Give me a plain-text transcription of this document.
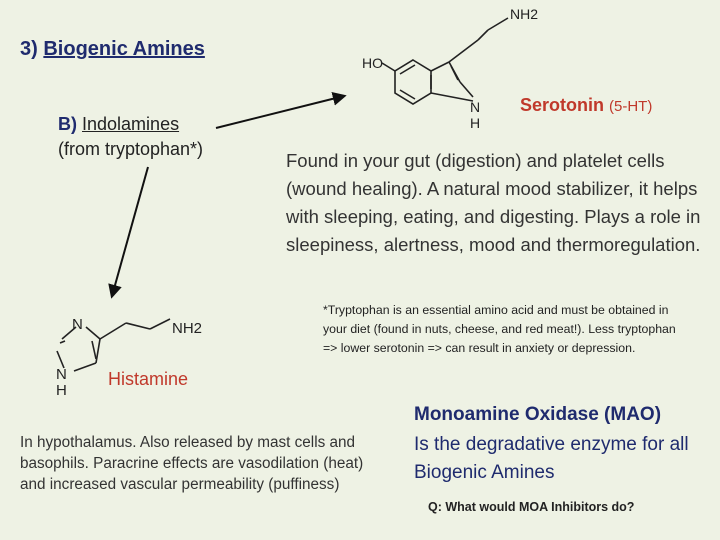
3) Biogenic Amines
B) Indolamines
(from tryptophan*)
NH2
HO
N
H
Serotonin (5-HT)
Found in your gut (digestion) and platelet cells (wound healing). A natural mood stabilizer, it helps with sleeping, eating, and digesting. Plays a role in sleepiness, alertness, mood and thermoregulation.
*Tryptophan is an essential amino acid and must be obtained in your diet (found in nuts, cheese, and red meat!). Less tryptophan => lower serotonin => can result in anxiety or depression.
N	NH2
N
H
Histamine
In hypothalamus. Also released by mast cells and basophils. Paracrine effects are vasodilation (heat) and increased vascular permeability (puffiness)
Monoamine Oxidase (MAO)
Is the degradative enzyme for all Biogenic Amines
Q: What would MOA Inhibitors do?
